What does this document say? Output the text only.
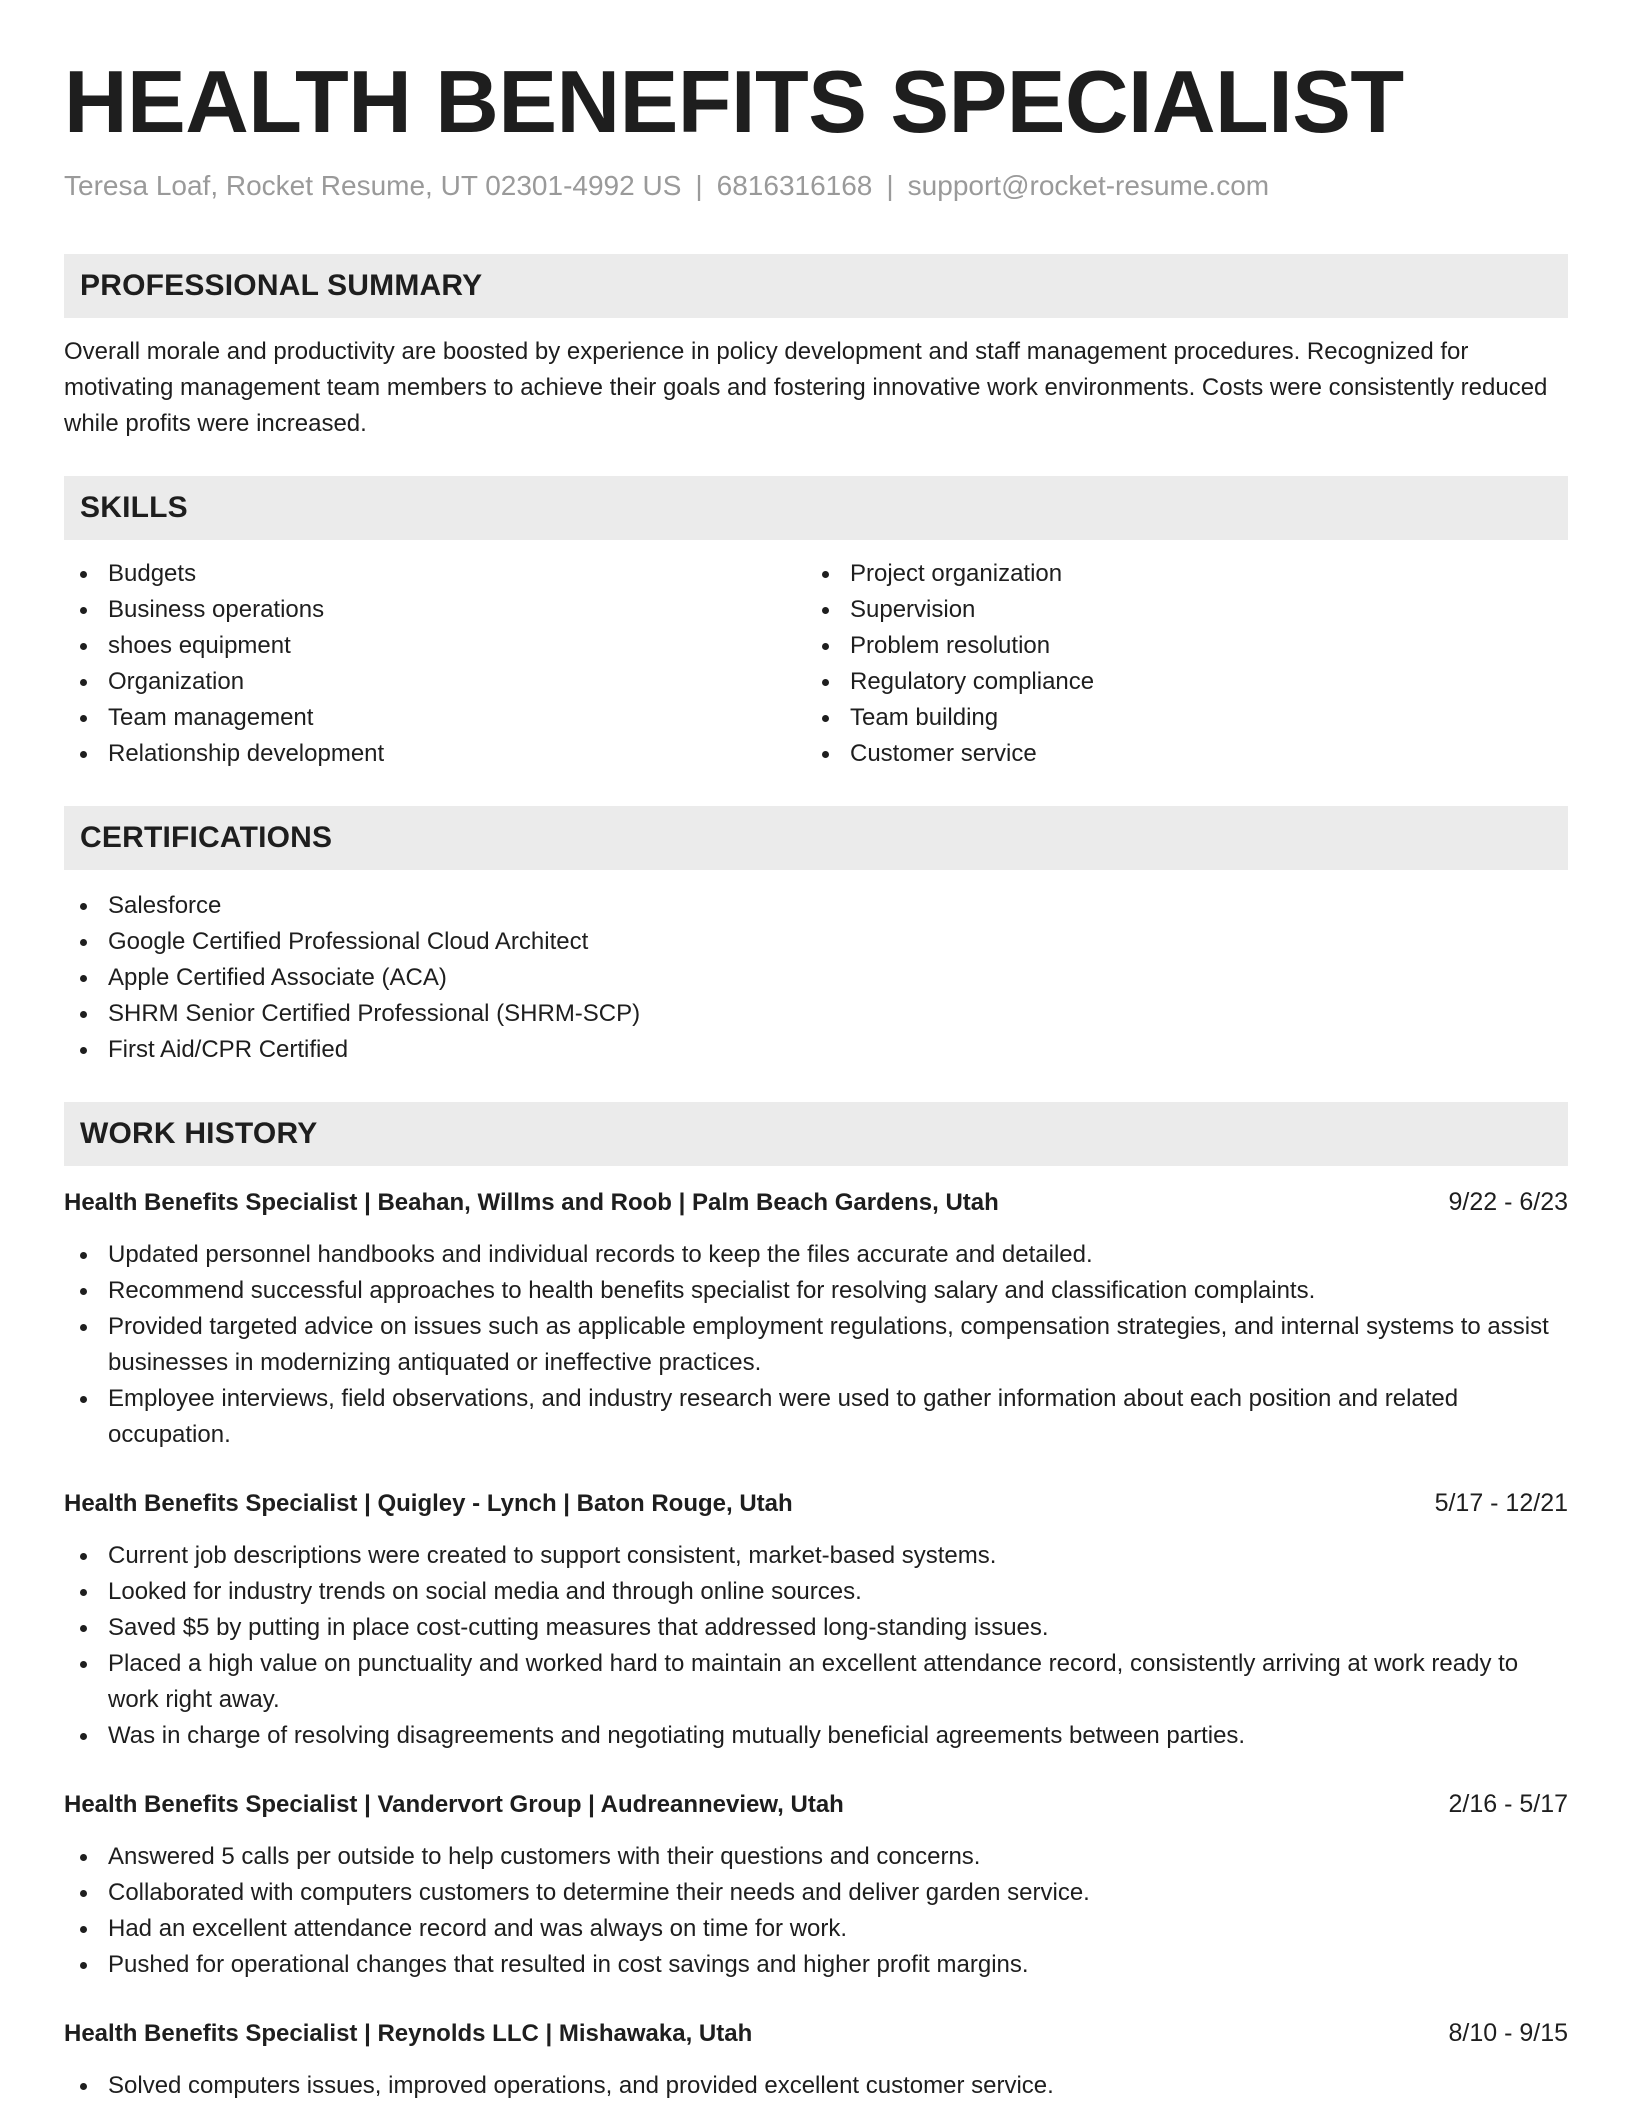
HEALTH BENEFITS SPECIALIST
Teresa Loaf, Rocket Resume, UT 02301-4992 US | 6816316168 | support@rocket-resume.com
PROFESSIONAL SUMMARY
Overall morale and productivity are boosted by experience in policy development and staff management procedures. Recognized for motivating management team members to achieve their goals and fostering innovative work environments. Costs were consistently reduced while profits were increased.
SKILLS
Budgets
Business operations
shoes equipment
Organization
Team management
Relationship development
Project organization
Supervision
Problem resolution
Regulatory compliance
Team building
Customer service
CERTIFICATIONS
Salesforce
Google Certified Professional Cloud Architect
Apple Certified Associate (ACA)
SHRM Senior Certified Professional (SHRM-SCP)
First Aid/CPR Certified
WORK HISTORY
Health Benefits Specialist | Beahan, Willms and Roob | Palm Beach Gardens, Utah	9/22 - 6/23
Updated personnel handbooks and individual records to keep the files accurate and detailed.
Recommend successful approaches to health benefits specialist for resolving salary and classification complaints.
Provided targeted advice on issues such as applicable employment regulations, compensation strategies, and internal systems to assist businesses in modernizing antiquated or ineffective practices.
Employee interviews, field observations, and industry research were used to gather information about each position and related occupation.
Health Benefits Specialist | Quigley - Lynch | Baton Rouge, Utah	5/17 - 12/21
Current job descriptions were created to support consistent, market-based systems.
Looked for industry trends on social media and through online sources.
Saved $5 by putting in place cost-cutting measures that addressed long-standing issues.
Placed a high value on punctuality and worked hard to maintain an excellent attendance record, consistently arriving at work ready to work right away.
Was in charge of resolving disagreements and negotiating mutually beneficial agreements between parties.
Health Benefits Specialist | Vandervort Group | Audreanneview, Utah	2/16 - 5/17
Answered 5 calls per outside to help customers with their questions and concerns.
Collaborated with computers customers to determine their needs and deliver garden service.
Had an excellent attendance record and was always on time for work.
Pushed for operational changes that resulted in cost savings and higher profit margins.
Health Benefits Specialist | Reynolds LLC | Mishawaka, Utah	8/10 - 9/15
Solved computers issues, improved operations, and provided excellent customer service.
